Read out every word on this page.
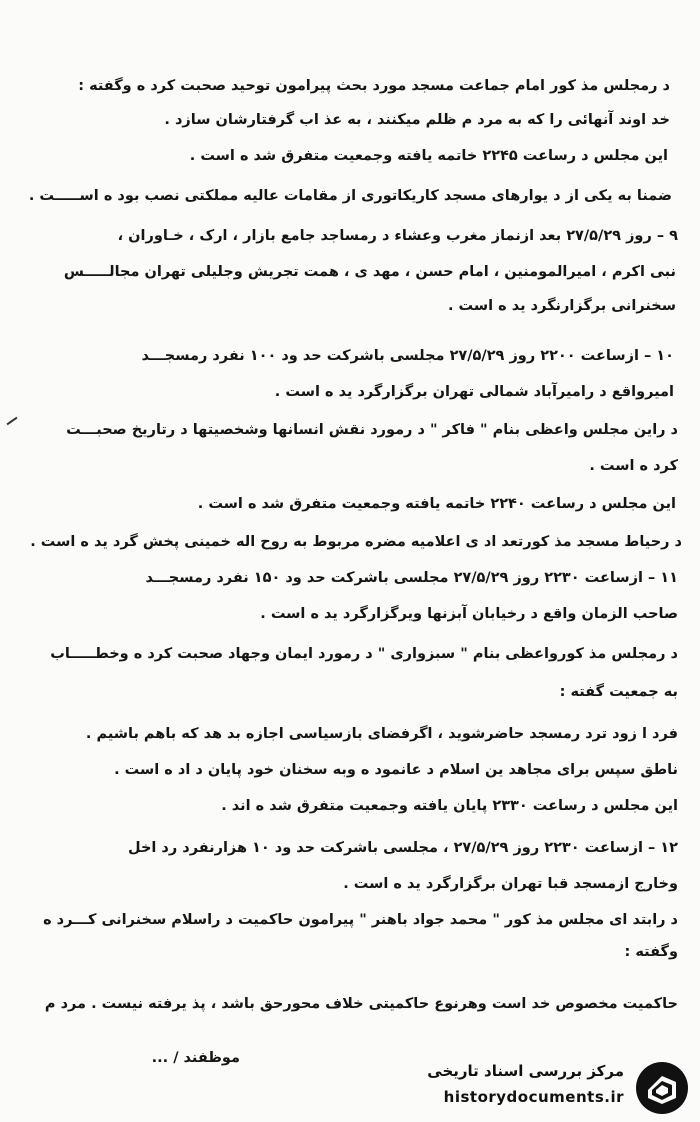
د رمجلس مذ کور امام جماعت مسجد مورد بحث پیرامون توحید صحبت کرد ه وگفته :
خد اوند آنهائی را که به مرد م ظلم میکنند ، به عذ اب گرفتارشان سازد .
این مجلس د رساعت ۲۲۴۵ خاتمه یافته وجمعیت متفرق شد ه است .
ضمنا به یکی از د یوارهای مسجد کاریکاتوری از مقامات عالیه مملکتی نصب بود ه اســـــت .
۹ – روز ۲۷/۵/۲۹ بعد ازنماز مغرب وعشاء د رمساجد جامع بازار ، ارک ، خـاوران ،
نبی اکرم ، امیرالمومنین ، امام حسن ، مهد ی ، همت تجریش وجلیلی تهران مجالـــــس
سخنرانی برگزارنگرد ید ه است .
۱۰ – ازساعت ۲۲۰۰ روز ۲۷/۵/۲۹ مجلسی باشرکت حد ود ۱۰۰ نفرد رمسجـــد
امیرواقع د رامیرآباد شمالی تهران برگزارگرد ید ه است .
د راین مجلس واعظی بنام " فاکر " د رمورد نقش انسانها وشخصیتها د رتاریخ صحبـــت
کرد ه است .
این مجلس د رساعت ۲۲۴۰ خاتمه یافته وجمعیت متفرق شد ه است .
د رحیاط مسجد مذ کورتعد اد ی اعلامیه مضره مربوط به روح اله خمینی پخش گرد ید ه است .
۱۱ – ازساعت ۲۲۳۰ روز ۲۷/۵/۲۹ مجلسی باشرکت حد ود ۱۵۰ نفرد رمسجـــد
صاحب الزمان واقع د رخیابان آبزنها ویرگزارگرد ید ه است .
د رمجلس مذ کورواعظی بنام " سبزواری " د رمورد ایمان وجهاد صحبت کرد ه وخطـــــاب
به جمعیت گفته :
فرد ا زود ترد رمسجد حاضرشوید ، اگرفضای بازسیاسی اجازه بد هد که باهم باشیم .
ناطق سپس برای مجاهد ین اسلام د عانمود ه وبه سخنان خود پایان د اد ه است .
این مجلس د رساعت ۲۳۳۰ پایان یافته وجمعیت متفرق شد ه اند .
۱۲ – ازساعت ۲۲۳۰ روز ۲۷/۵/۲۹ ، مجلسی باشرکت حد ود ۱۰ هزارنفرد رد اخل
وخارج ازمسجد قبا تهران برگزارگرد ید ه است .
د رابتد ای مجلس مذ کور " محمد جواد باهنر " پیرامون حاکمیت د راسلام سخنرانی کـــرد ه
وگفته :
حاکمیت مخصوص خد است وهرنوع حاکمیتی خلاف محورحق باشد ، پذ یرفته نیست . مرد م
موظفند / ...
مرکز بررسی اسناد تاریخی
historydocuments.ir
